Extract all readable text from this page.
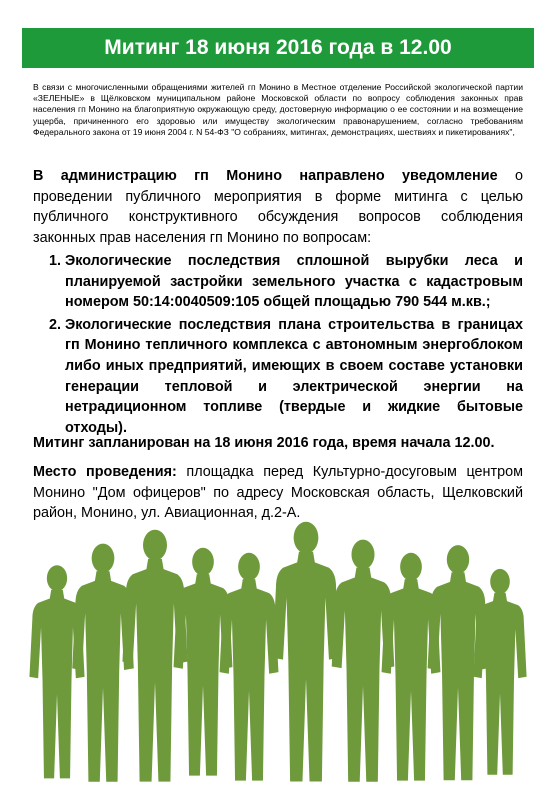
Митинг 18 июня 2016 года в 12.00
В связи с многочисленными обращениями жителей гп Монино в Местное отделение Российской экологической партии «ЗЕЛЕНЫЕ» в Щёлковском муниципальном районе Московской области по вопросу соблюдения законных прав населения гп Монино на благоприятную окружающую среду, достоверную информацию о ее состоянии и на возмещение ущерба, причиненного его здоровью или имуществу экологическим правонарушением, согласно требованиям Федерального закона от 19 июня 2004 г. N 54-ФЗ "О собраниях, митингах, демонстрациях, шествиях и пикетированиях",
В администрацию гп Монино направлено уведомление о проведении публичного мероприятия в форме митинга с целью публичного конструктивного обсуждения вопросов соблюдения законных прав населения гп Монино по вопросам:
1. Экологические последствия сплошной вырубки леса и планируемой застройки земельного участка с кадастровым номером 50:14:0040509:105 общей площадью 790 544 м.кв.;
2. Экологические последствия плана строительства в границах гп Монино тепличного комплекса с автономным энергоблоком либо иных предприятий, имеющих в своем составе установки генерации тепловой и электрической энергии на нетрадиционном топливе (твердые и жидкие бытовые отходы).
Митинг запланирован на 18 июня 2016 года, время начала 12.00.
Место проведения: площадка перед Культурно-досуговым центром Монино "Дом офицеров" по адресу Московская область, Щелковский район, Монино, ул. Авиационная, д.2-А.
